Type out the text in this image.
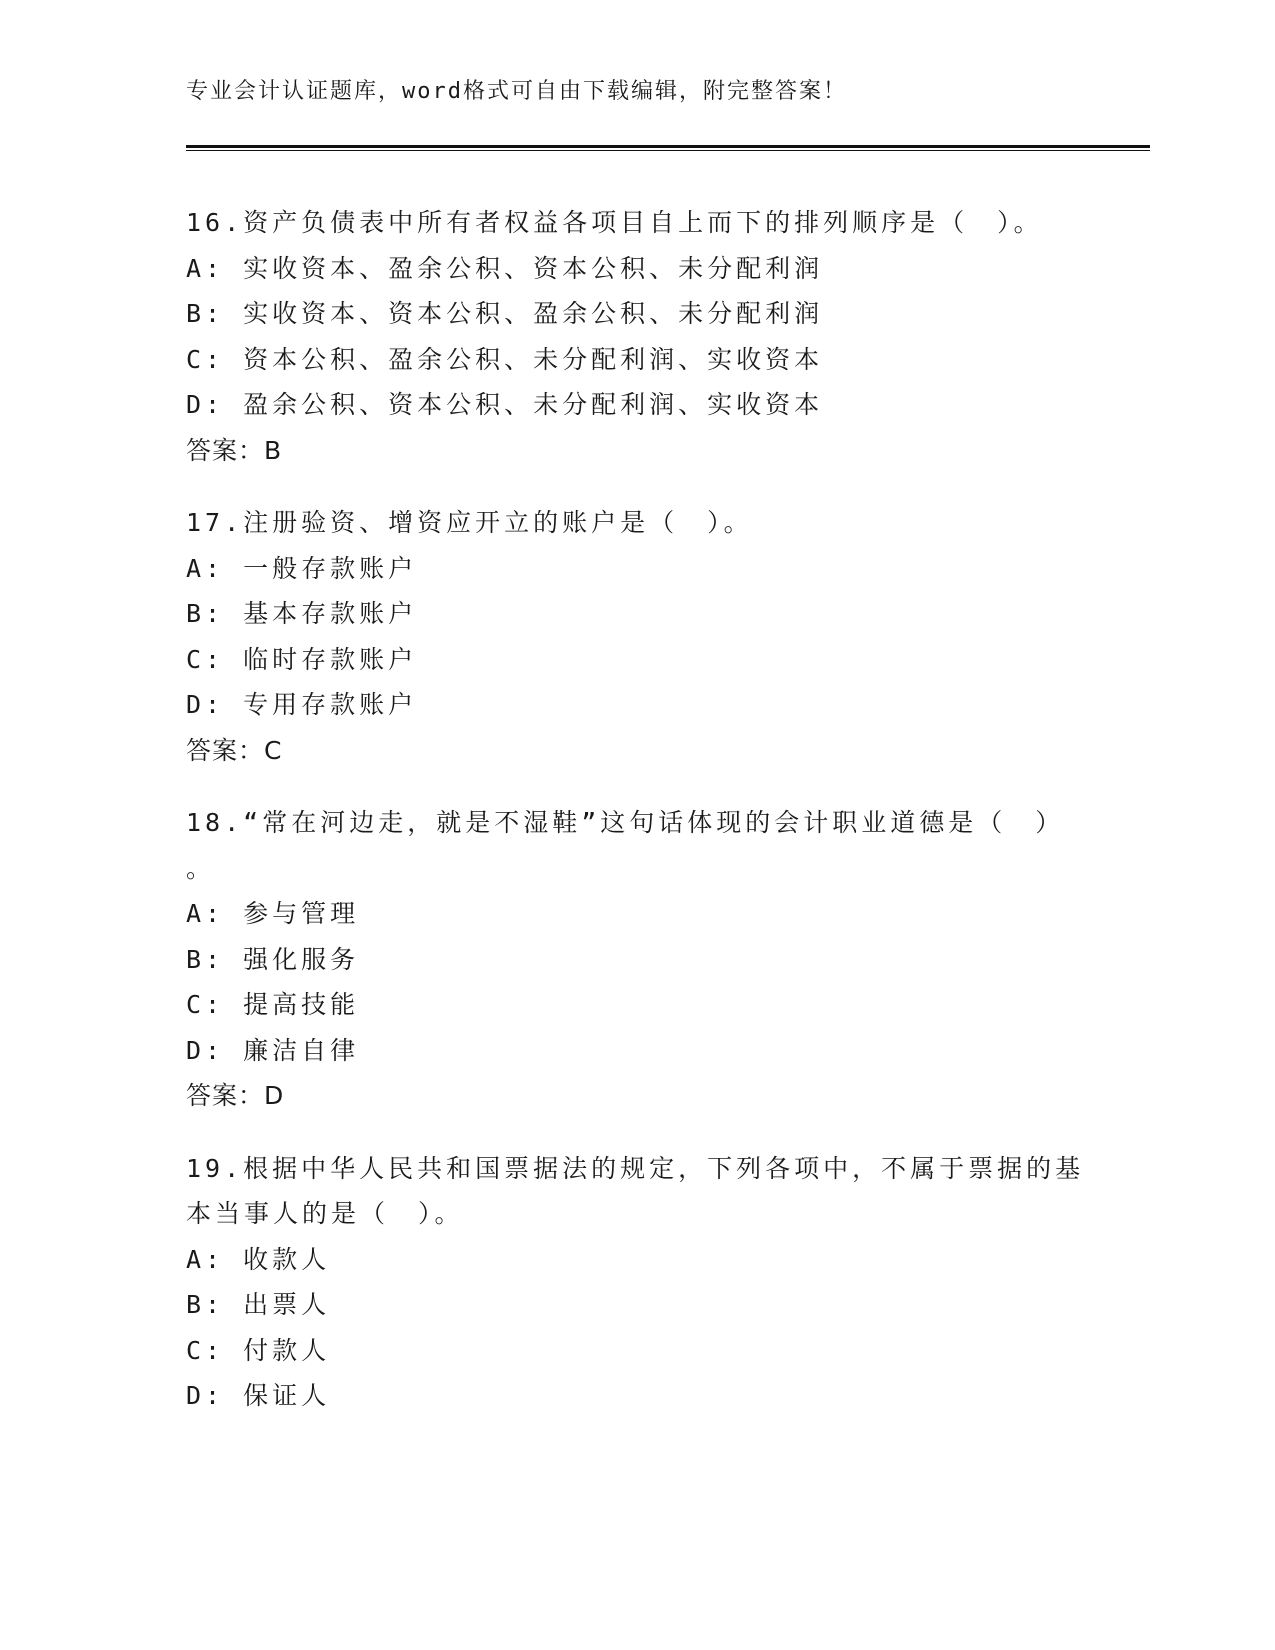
专业会计认证题库，word格式可自由下载编辑，附完整答案！
16.资产负债表中所有者权益各项目自上而下的排列顺序是（　）。
A: 实收资本、盈余公积、资本公积、未分配利润
B: 实收资本、资本公积、盈余公积、未分配利润
C: 资本公积、盈余公积、未分配利润、实收资本
D: 盈余公积、资本公积、未分配利润、实收资本
答案：B
17.注册验资、增资应开立的账户是（　）。
A: 一般存款账户
B: 基本存款账户
C: 临时存款账户
D: 专用存款账户
答案：C
18.“常在河边走，就是不湿鞋”这句话体现的会计职业道德是（　）
。
A: 参与管理
B: 强化服务
C: 提高技能
D: 廉洁自律
答案：D
19.根据中华人民共和国票据法的规定，下列各项中，不属于票据的基
本当事人的是（　）。
A: 收款人
B: 出票人
C: 付款人
D: 保证人
